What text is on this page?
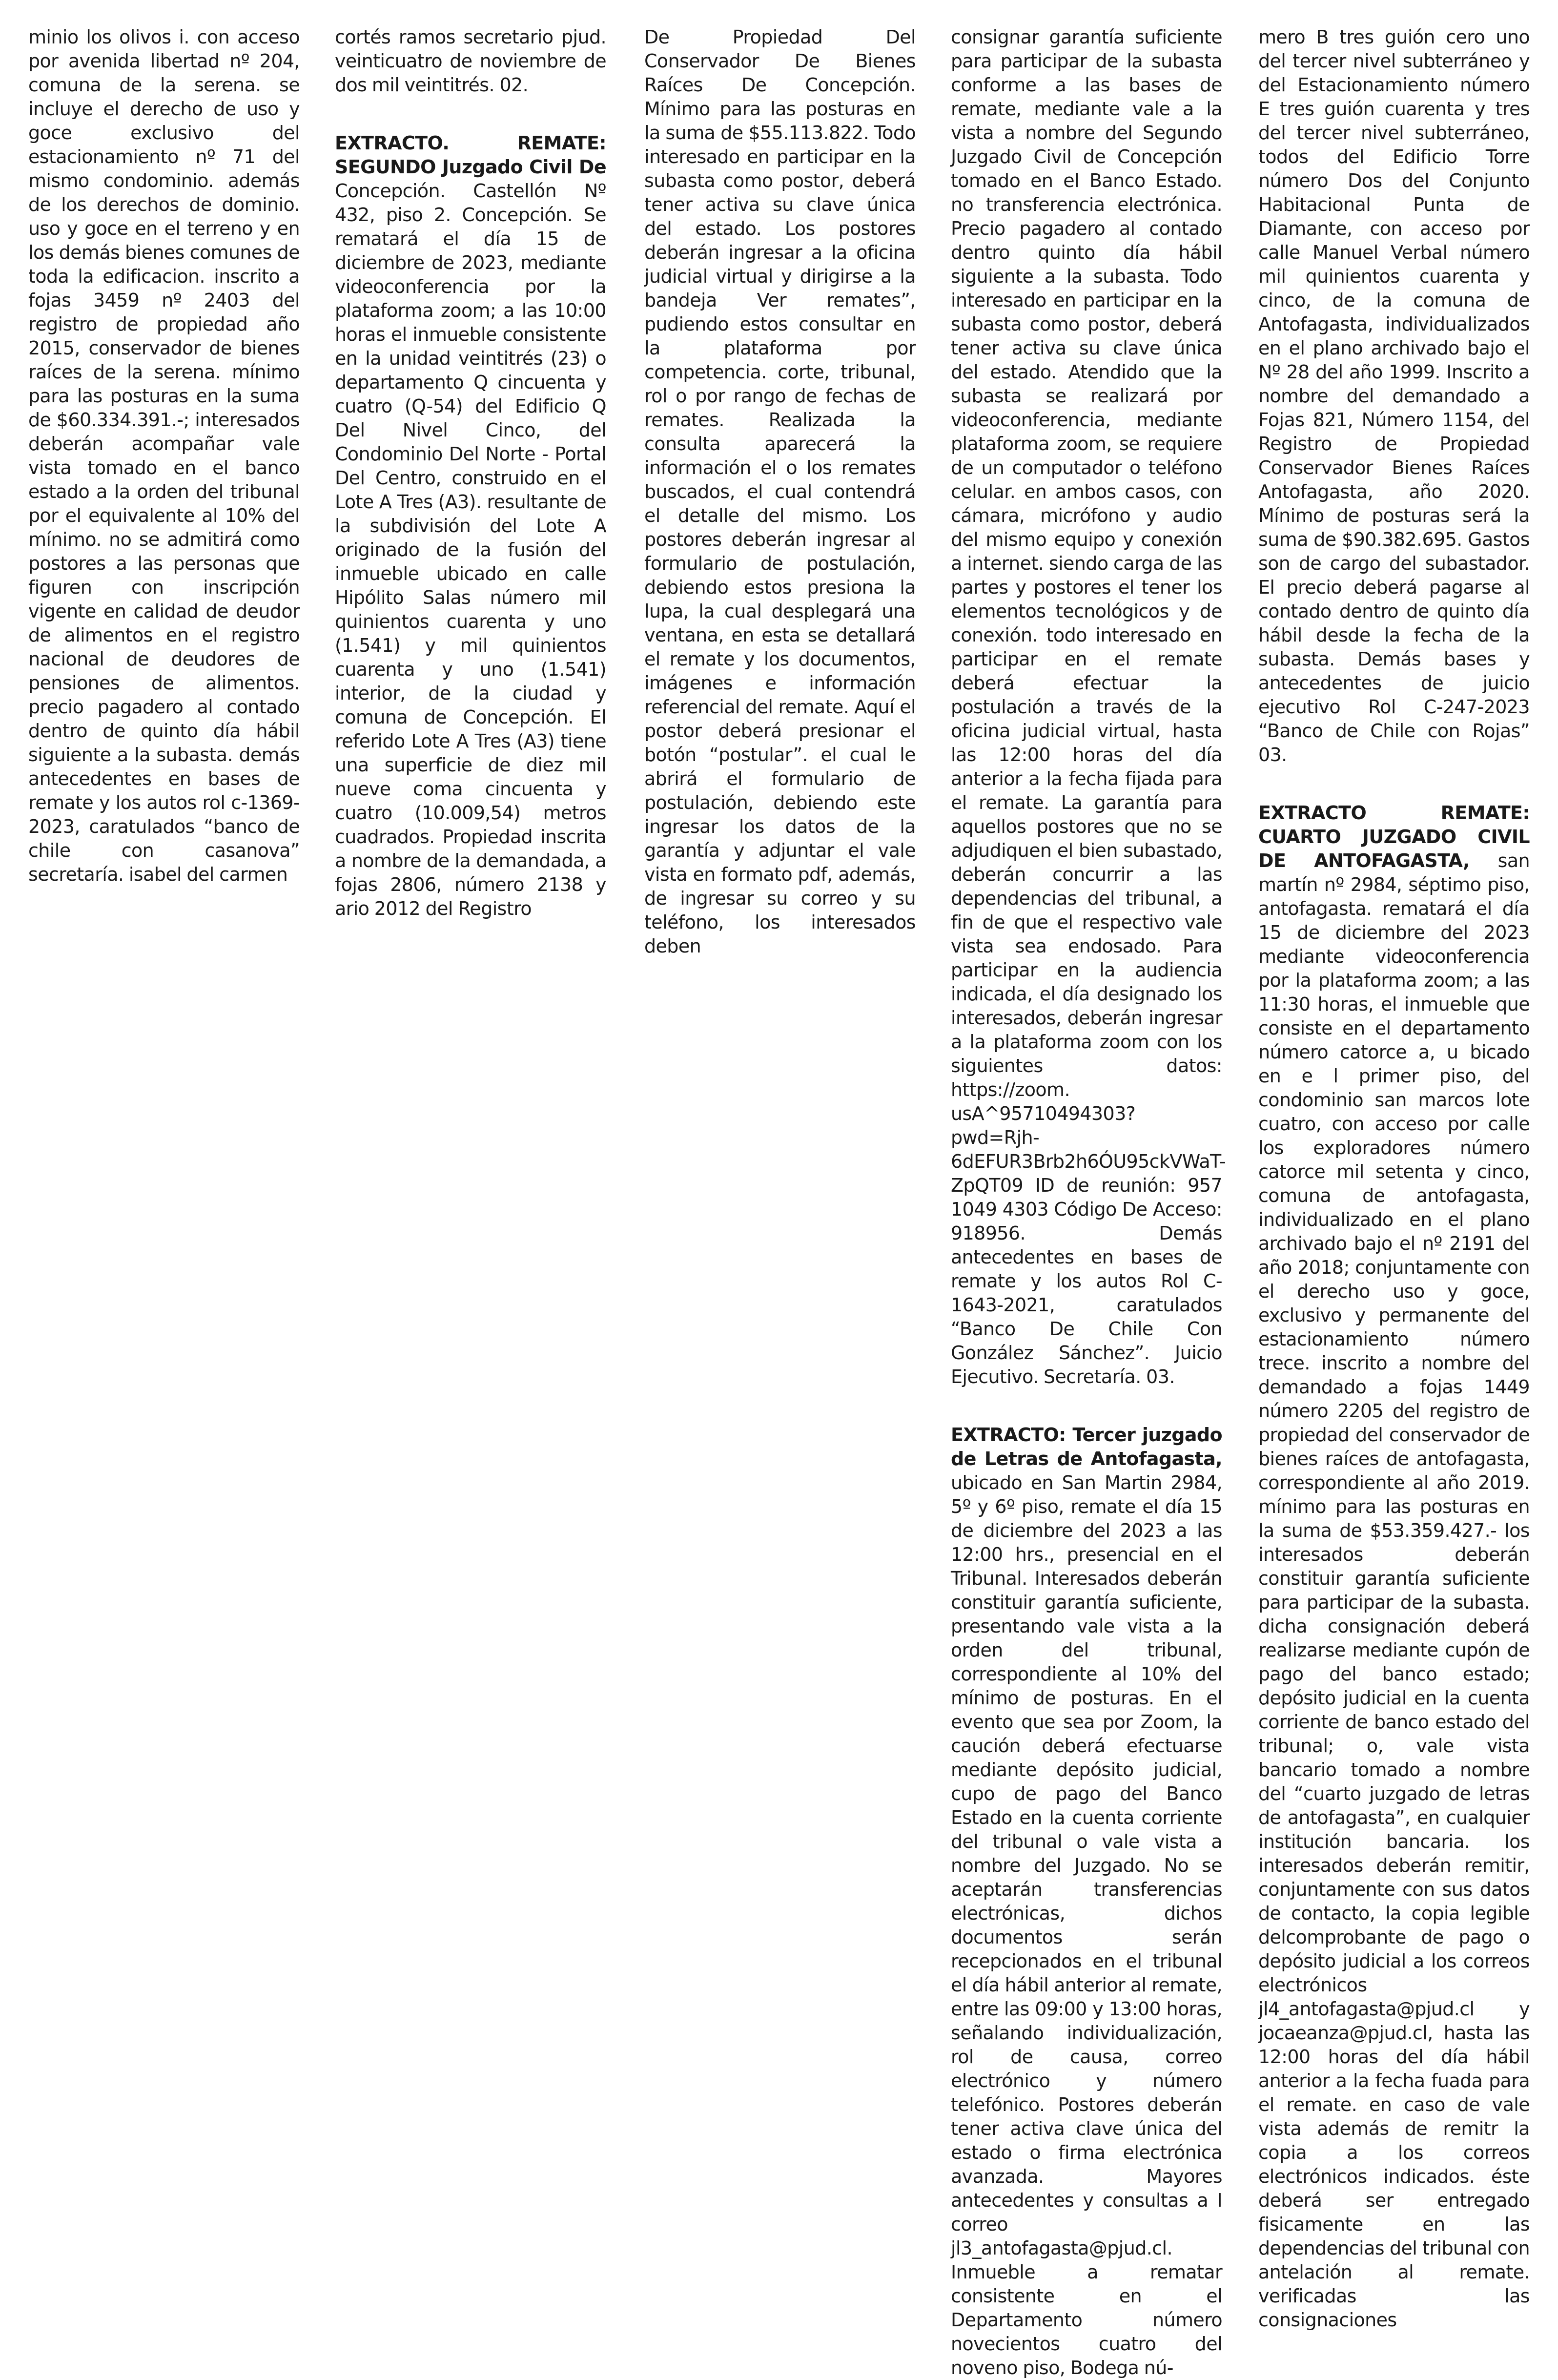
minio los olivos i. con acceso por avenida libertad nº 204, comuna de la serena. se incluye el derecho de uso y goce exclusivo del estacionamiento nº 71 del mismo condominio. además de los derechos de dominio. uso y goce en el terreno y en los demás bienes comunes de toda la edificacion. inscrito a fojas 3459 nº 2403 del registro de propiedad año 2015, conservador de bienes raíces de la serena. mínimo para las posturas en la suma de $60.334.391.-; interesados deberán acompañar vale vista tomado en el banco estado a la orden del tribunal por el equivalente al 10% del mínimo. no se admitirá como postores a las personas que figuren con inscripción vigente en calidad de deudor de alimentos en el registro nacional de deudores de pensiones de alimentos. precio pagadero al contado dentro de quinto día hábil siguiente a la subasta. demás antecedentes en bases de remate y los autos rol c-1369-2023, caratulados “banco de chile con casanova” secretaría. isabel del carmen

cortés ramos secretario pjud. veinticuatro de noviembre de dos mil veintitrés. 02.

EXTRACTO. REMATE: SEGUNDO Juzgado Civil De Concepción. Castellón Nº 432, piso 2. Concepción. Se rematará el día 15 de diciembre de 2023, mediante videoconferencia por la plataforma zoom; a las 10:00 horas el inmueble consistente en la unidad veintitrés (23) o departamento Q cincuenta y cuatro (Q-54) del Edificio Q Del Nivel Cinco, del Condominio Del Norte - Portal Del Centro, construido en el Lote A Tres (A3). resultante de la subdivisión del Lote A originado de la fusión del inmueble ubicado en calle Hipólito Salas número mil quinientos cuarenta y uno (1.541) y mil quinientos cuarenta y uno (1.541) interior, de la ciudad y comuna de Concepción. El referido Lote A Tres (A3) tiene una superficie de diez mil nueve coma cincuenta y cuatro (10.009,54) metros cuadrados. Propiedad inscrita a nombre de la demandada, a fojas 2806, número 2138 y ario 2012 del Registro

De Propiedad Del Conservador De Bienes Raíces De Concepción. Mínimo para las posturas en la suma de $55.113.822. Todo interesado en participar en la subasta como postor, deberá tener activa su clave única del estado. Los postores deberán ingresar a la oficina judicial virtual y dirigirse a la bandeja Ver remates”, pudiendo estos consultar en la plataforma por competencia. corte, tribunal, rol o por rango de fechas de remates. Realizada la consulta aparecerá la información el o los remates buscados, el cual contendrá el detalle del mismo. Los postores deberán ingresar al formulario de postulación, debiendo estos presiona la lupa, la cual desplegará una ventana, en esta se detallará el remate y los documentos, imágenes e información referencial del remate. Aquí el postor deberá presionar el botón “postular”. el cual le abrirá el formulario de postulación, debiendo este ingresar los datos de la garantía y adjuntar el vale vista en formato pdf, además, de ingresar su correo y su teléfono, los interesados deben

consignar garantía suficiente para participar de la subasta conforme a las bases de remate, mediante vale a la vista a nombre del Segundo Juzgado Civil de Concepción tomado en el Banco Estado. no transferencia electrónica. Precio pagadero al contado dentro quinto día hábil siguiente a la subasta. Todo interesado en participar en la subasta como postor, deberá tener activa su clave única del estado. Atendido que la subasta se realizará por videoconferencia, mediante plataforma zoom, se requiere de un computador o teléfono celular. en ambos casos, con cámara, micrófono y audio del mismo equipo y conexión a internet. siendo carga de las partes y postores el tener los elementos tecnológicos y de conexión. todo interesado en participar en el remate deberá efectuar la postulación a través de la oficina judicial virtual, hasta las 12:00 horas del día anterior a la fecha fijada para el remate. La garantía para aquellos postores que no se adjudiquen el bien subastado, deberán concurrir a las dependencias del tribunal, a fin de que el respectivo vale vista sea endosado. Para participar en la audiencia indicada, el día designado los interesados, deberán ingresar a la plataforma zoom con los siguientes datos: https://zoom. usA^95710494303?pwd=Rjh-6dEFUR3Brb2h6ÓU95ckVWaT-ZpQT09 ID de reunión: 957 1049 4303 Código De Acceso: 918956. Demás antecedentes en bases de remate y los autos Rol C-1643-2021, caratulados “Banco De Chile Con González Sánchez”. Juicio Ejecutivo. Secretaría. 03.

EXTRACTO: Tercer juzgado de Letras de Antofagasta, ubicado en San Martin 2984, 5º y 6º piso, remate el día 15 de diciembre del 2023 a las 12:00 hrs., presencial en el Tribunal. Interesados deberán constituir garantía suficiente, presentando vale vista a la orden del tribunal, correspondiente al 10% del mínimo de posturas. En el evento que sea por Zoom, la caución deberá efectuarse mediante depósito judicial, cupo de pago del Banco Estado en la cuenta corriente del tribunal o vale vista a nombre del Juzgado. No se aceptarán transferencias electrónicas, dichos documentos serán recepcionados en el tribunal el día hábil anterior al remate, entre las 09:00 y 13:00 horas, señalando individualización, rol de causa, correo electrónico y número telefónico. Postores deberán tener activa clave única del estado o firma electrónica avanzada. Mayores antecedentes y consultas a I correo jl3_antofagasta@pjud.cl. Inmueble a rematar consistente en el Departamento número novecientos cuatro del noveno piso, Bodega nú-

mero B tres guión cero uno del tercer nivel subterráneo y del Estacionamiento número E tres guión cuarenta y tres del tercer nivel subterráneo, todos del Edificio Torre número Dos del Conjunto Habitacional Punta de Diamante, con acceso por calle Manuel Verbal número mil quinientos cuarenta y cinco, de la comuna de Antofagasta, individualizados en el plano archivado bajo el Nº 28 del año 1999. Inscrito a nombre del demandado a Fojas 821, Número 1154, del Registro de Propiedad Conservador Bienes Raíces Antofagasta, año 2020. Mínimo de posturas será la suma de $90.382.695. Gastos son de cargo del subastador. El precio deberá pagarse al contado dentro de quinto día hábil desde la fecha de la subasta. Demás bases y antecedentes de juicio ejecutivo Rol C-247-2023 “Banco de Chile con Rojas” 03.

EXTRACTO REMATE: CUARTO JUZGADO CIVIL DE ANTOFAGASTA, san martín nº 2984, séptimo piso, antofagasta. rematará el día 15 de diciembre del 2023 mediante videoconferencia por la plataforma zoom; a las 11:30 horas, el inmueble que consiste en el departamento número catorce a, u bicado en e l primer piso, del condominio san marcos lote cuatro, con acceso por calle los exploradores número catorce mil setenta y cinco, comuna de antofagasta, individualizado en el plano archivado bajo el nº 2191 del año 2018; conjuntamente con el derecho uso y goce, exclusivo y permanente del estacionamiento número trece. inscrito a nombre del demandado a fojas 1449 número 2205 del registro de propiedad del conservador de bienes raíces de antofagasta, correspondiente al año 2019. mínimo para las posturas en la suma de $53.359.427.- los interesados deberán constituir garantía suficiente para participar de la subasta. dicha consignación deberá realizarse mediante cupón de pago del banco estado; depósito judicial en la cuenta corriente de banco estado del tribunal; o, vale vista bancario tomado a nombre del “cuarto juzgado de letras de antofagasta”, en cualquier institución bancaria. los interesados deberán remitir, conjuntamente con sus datos de contacto, la copia legible delcomprobante de pago o depósito judicial a los correos electrónicos jl4_antofagasta@pjud.cl y jocaeanza@pjud.cl, hasta las 12:00 horas del día hábil anterior a la fecha fuada para el remate. en caso de vale vista además de remitr la copia a los correos electrónicos indicados. éste deberá ser entregado fisicamente en las dependencias del tribunal con antelación al remate. verificadas las consignaciones
